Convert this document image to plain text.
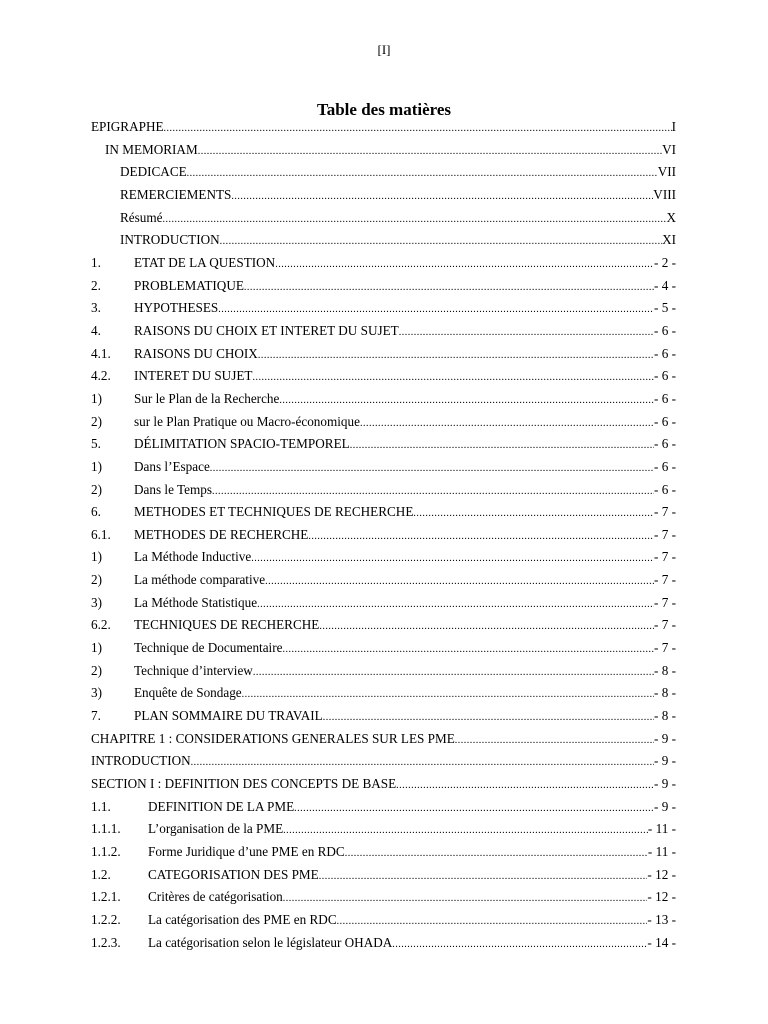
[I]
Table des matières
EPIGRAPHE .....	I
IN MEMORIAM .....	VI
DEDICACE .....	VII
REMERCIEMENTS .....	VIII
Résumé .....	X
INTRODUCTION .....	XI
1.	ETAT DE LA QUESTION .....	- 2 -
2.	PROBLEMATIQUE .....	- 4 -
3.	HYPOTHESES .....	- 5 -
4.	RAISONS DU CHOIX ET INTERET DU SUJET .....	- 6 -
4.1.	RAISONS DU CHOIX .....	- 6 -
4.2.	INTERET DU SUJET .....	- 6 -
1)	Sur le Plan de la Recherche .....	- 6 -
2)	sur le Plan Pratique ou Macro-économique .....	- 6 -
5.	DÉLIMITATION SPACIO-TEMPOREL .....	- 6 -
1)	Dans l’Espace .....	- 6 -
2)	Dans le Temps .....	- 6 -
6.	METHODES ET TECHNIQUES DE RECHERCHE .....	- 7 -
6.1.	METHODES DE RECHERCHE .....	- 7 -
1)	La Méthode Inductive .....	- 7 -
2)	La méthode comparative .....	- 7 -
3)	La Méthode Statistique .....	- 7 -
6.2.	TECHNIQUES DE RECHERCHE .....	- 7 -
1)	Technique de Documentaire .....	- 7 -
2)	Technique d’interview .....	- 8 -
3)	Enquête de Sondage .....	- 8 -
7.	PLAN SOMMAIRE DU TRAVAIL .....	- 8 -
CHAPITRE 1 : CONSIDERATIONS GENERALES SUR LES PME .....	- 9 -
INTRODUCTION .....	- 9 -
SECTION I : DEFINITION DES CONCEPTS DE BASE .....	- 9 -
1.1.	DEFINITION DE LA PME .....	- 9 -
1.1.1.	L’organisation de la PME .....	- 11 -
1.1.2.	Forme Juridique d’une PME en RDC .....	- 11 -
1.2.	CATEGORISATION DES PME .....	- 12 -
1.2.1.	Critères de catégorisation .....	- 12 -
1.2.2.	La catégorisation des PME en RDC .....	- 13 -
1.2.3.	La catégorisation selon le législateur OHADA .....	- 14 -
